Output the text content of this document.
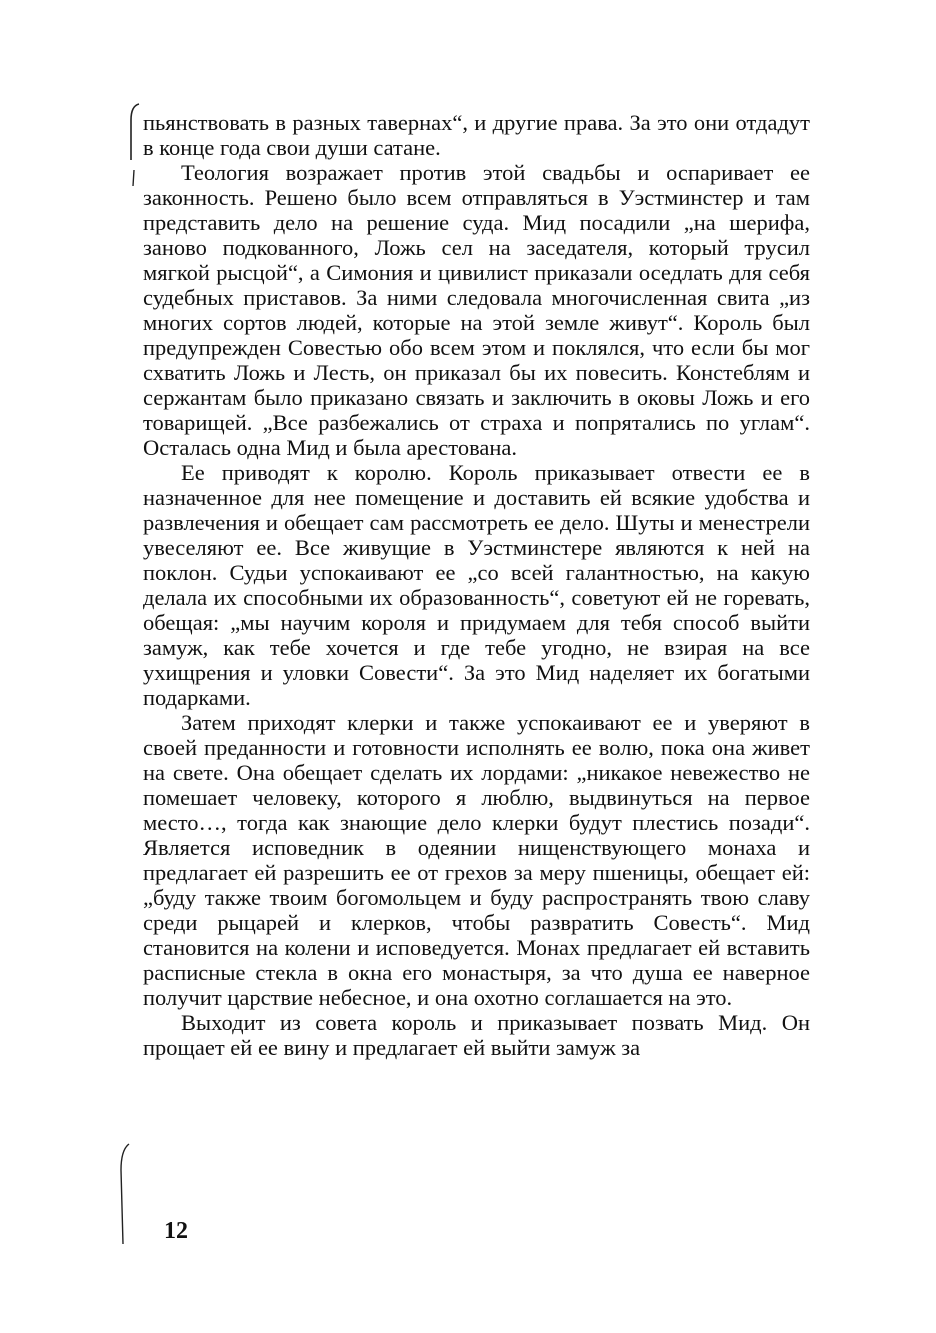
пьянствовать в разных тавернах“, и другие права. За это они отдадут в конце года свои души сатане.

Теология возражает против этой свадьбы и оспаривает ее законность. Решено было всем отправляться в Уэстминстер и там представить дело на решение суда. Мид посадили „на шерифа, заново подкованного, Ложь сел на заседателя, который трусил мягкой рысцой“, а Симония и цивилист приказали оседлать для себя судебных приставов. За ними следовала многочисленная свита „из многих сортов людей, которые на этой земле живут“. Король был предупрежден Совестью обо всем этом и поклялся, что если бы мог схватить Ложь и Лесть, он приказал бы их повесить. Констеблям и сержантам было приказано связать и заключить в оковы Ложь и его товарищей. „Все разбежались от страха и попрятались по углам“. Осталась одна Мид и была арестована.

Ее приводят к королю. Король приказывает отвести ее в назначенное для нее помещение и доставить ей всякие удобства и развлечения и обещает сам рассмотреть ее дело. Шуты и менестрели увеселяют ее. Все живущие в Уэстминстере являются к ней на поклон. Судьи успокаивают ее „со всей галантностью, на какую делала их способными их образованность“, советуют ей не горевать, обещая: „мы научим короля и придумаем для тебя способ выйти замуж, как тебе хочется и где тебе угодно, не взирая на все ухищрения и уловки Совести“. За это Мид наделяет их богатыми подарками.

Затем приходят клерки и также успокаивают ее и уверяют в своей преданности и готовности исполнять ее волю, пока она живет на свете. Она обещает сделать их лордами: „никакое невежество не помешает человеку, которого я люблю, выдвинуться на первое место…, тогда как знающие дело клерки будут плестись позади“. Является исповедник в одеянии нищенствующего монаха и предлагает ей разрешить ее от грехов за меру пшеницы, обещает ей: „буду также твоим богомольцем и буду распространять твою славу среди рыцарей и клерков, чтобы развратить Совесть“. Мид становится на колени и исповедуется. Монах предлагает ей вставить расписные стекла в окна его монастыря, за что душа ее наверное получит царствие небесное, и она охотно соглашается на это.

Выходит из совета король и приказывает позвать Мид. Он прощает ей ее вину и предлагает ей выйти замуж за

12
